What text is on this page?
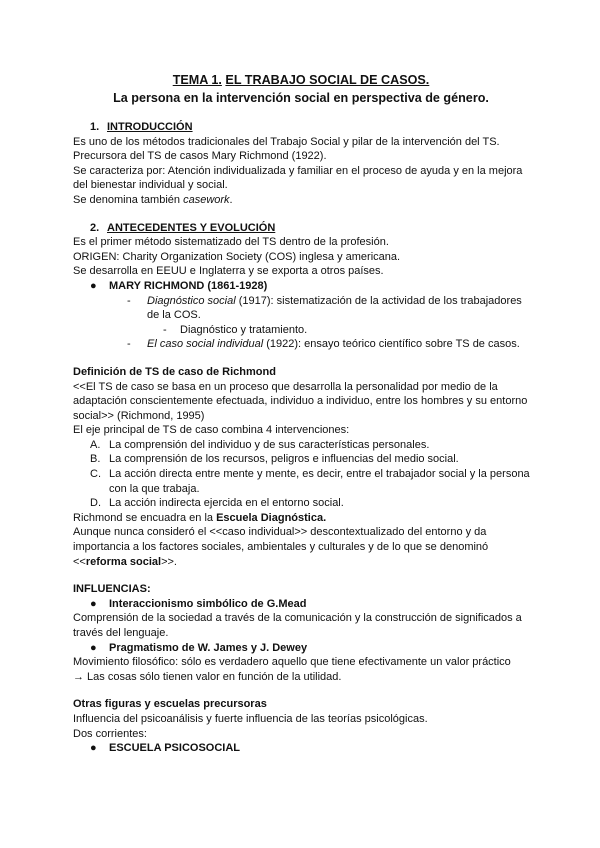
TEMA 1. EL TRABAJO SOCIAL DE CASOS.
La persona en la intervención social en perspectiva de género.
1. INTRODUCCIÓN

Es uno de los métodos tradicionales del Trabajo Social y pilar de la intervención del TS.

Precursora del TS de casos Mary Richmond (1922).

Se caracteriza por: Atención individualizada y familiar en el proceso de ayuda y en la mejora del bienestar individual y social.

Se denomina también casework.

2. ANTECEDENTES Y EVOLUCIÓN

Es el primer método sistematizado del TS dentro de la profesión.

ORIGEN: Charity Organization Society (COS) inglesa y americana.

Se desarrolla en EEUU e Inglaterra y se exporta a otros países.

● MARY RICHMOND (1861-1928)
- Diagnóstico social (1917): sistematización de la actividad de los trabajadores de la COS.
- Diagnóstico y tratamiento.
- El caso social individual (1922): ensayo teórico científico sobre TS de casos.
Definición de TS de caso de Richmond

<<El TS de caso se basa en un proceso que desarrolla la personalidad por medio de la adaptación conscientemente efectuada, individuo a individuo, entre los hombres y su entorno social>> (Richmond, 1995)

El eje principal de TS de caso combina 4 intervenciones:

A. La comprensión del individuo y de sus características personales.
B. La comprensión de los recursos, peligros e influencias del medio social.
C. La acción directa entre mente y mente, es decir, entre el trabajador social y la persona con la que trabaja.
D. La acción indirecta ejercida en el entorno social.

Richmond se encuadra en la Escuela Diagnóstica.

Aunque nunca consideró el <<caso individual>> descontextualizado del entorno y da importancia a los factores sociales, ambientales y culturales y de lo que se denominó <<reforma social>>.

INFLUENCIAS:
● Interaccionismo simbólico de G.Mead

Comprensión de la sociedad a través de la comunicación y la construcción de significados a través del lenguaje.

● Pragmatismo de W. James y J. Dewey

Movimiento filosófico: sólo es verdadero aquello que tiene efectivamente un valor práctico

→ Las cosas sólo tienen valor en función de la utilidad.

Otras figuras y escuelas precursoras

Influencia del psicoanálisis y fuerte influencia de las teorías psicológicas.

Dos corrientes:

● ESCUELA PSICOSOCIAL
